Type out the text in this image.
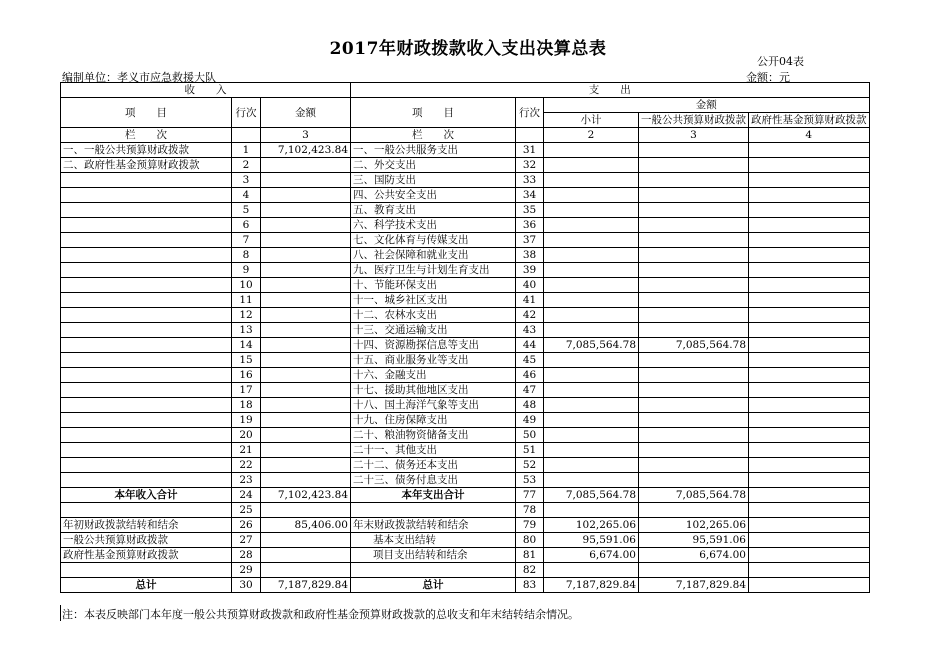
2017年财政拨款收入支出决算总表
公开04表
编制单位：孝义市应急救援大队	金额：元
收　　入			支　　出				
项　　目	行次	金额	项　　目	行次	金额		
					小计	一般公共预算财政拨款	政府性基金预算财政拨款
栏　　次		3	栏　　次		2	3	4
一、一般公共预算财政拨款	1	7,102,423.84	一、一般公共服务支出	31			
二、政府性基金预算财政拨款	2		二、外交支出	32			
	3		三、国防支出	33			
	4		四、公共安全支出	34			
	5		五、教育支出	35			
	6		六、科学技术支出	36			
	7		七、文化体育与传媒支出	37			
	8		八、社会保障和就业支出	38			
	9		九、医疗卫生与计划生育支出	39			
	10		十、节能环保支出	40			
	11		十一、城乡社区支出	41			
	12		十二、农林水支出	42			
	13		十三、交通运输支出	43			
	14		十四、资源勘探信息等支出	44	7,085,564.78	7,085,564.78	
	15		十五、商业服务业等支出	45			
	16		十六、金融支出	46			
	17		十七、援助其他地区支出	47			
	18		十八、国土海洋气象等支出	48			
	19		十九、住房保障支出	49			
	20		二十、粮油物资储备支出	50			
	21		二十一、其他支出	51			
	22		二十二、债务还本支出	52			
	23		二十三、债务付息支出	53			
本年收入合计	24	7,102,423.84	本年支出合计	77	7,085,564.78	7,085,564.78	
	25			78			
年初财政拨款结转和结余	26	85,406.00	年末财政拨款结转和结余	79	102,265.06	102,265.06	
一般公共预算财政拨款	27		基本支出结转	80	95,591.06	95,591.06	
政府性基金预算财政拨款	28		项目支出结转和结余	81	6,674.00	6,674.00	
	29			82			
总计	30	7,187,829.84	总计	83	7,187,829.84	7,187,829.84	
注：本表反映部门本年度一般公共预算财政拨款和政府性基金预算财政拨款的总收支和年末结转结余情况。
